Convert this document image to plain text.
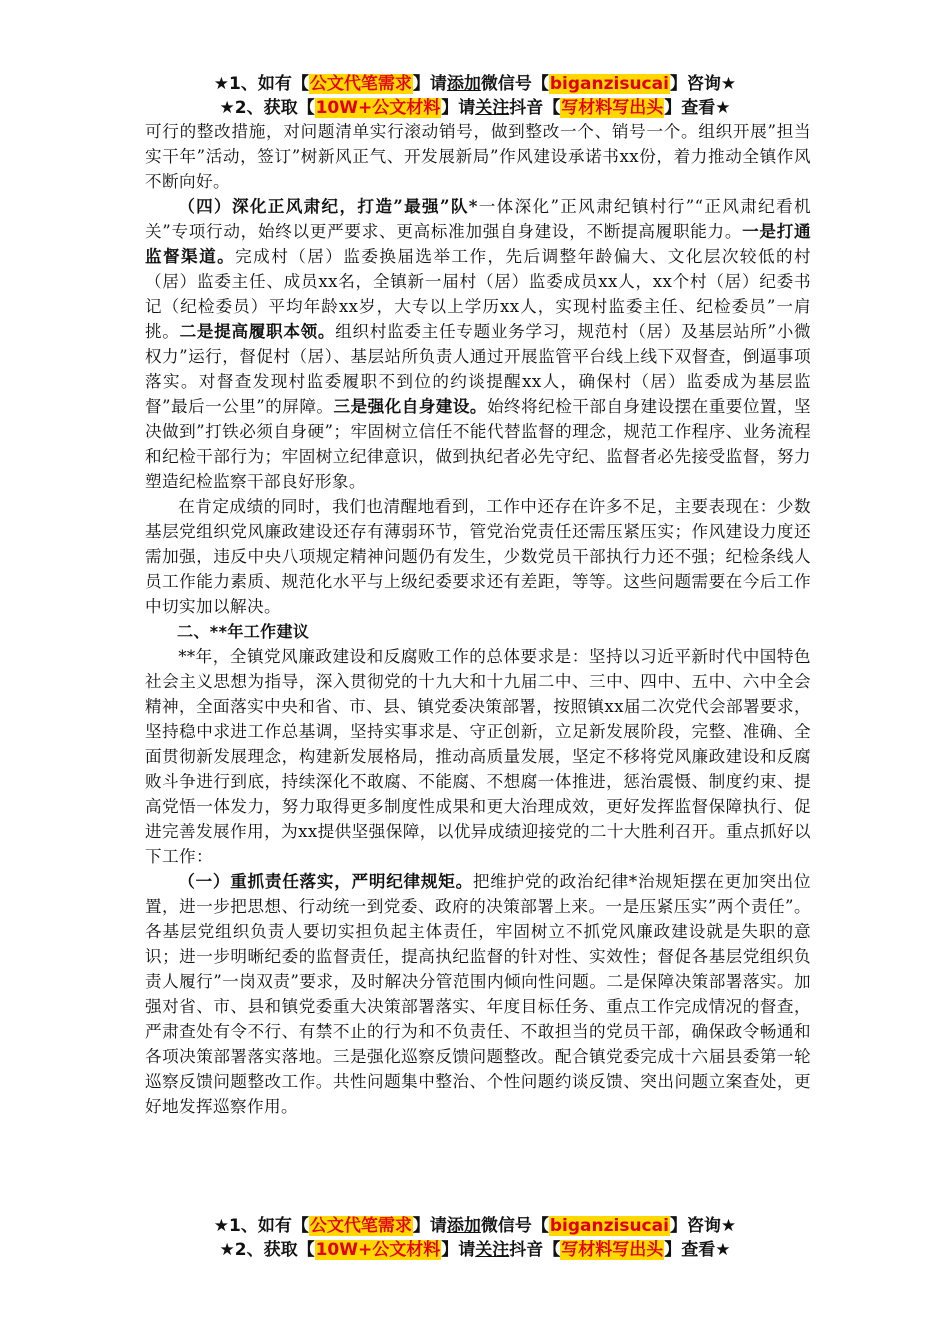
★1、如有【公文代笔需求】请添加微信号【biganzisucai】咨询★
★2、获取【10W+公文材料】请关注抖音【写材料写出头】查看★

可行的整改措施，对问题清单实行滚动销号，做到整改一个、销号一个。组织开展”担当实干年”活动，签订”树新风正气、开发展新局”作风建设承诺书xx份，着力推动全镇作风不断向好。

（四）深化正风肃纪，打造”最强”队*一体深化”正风肃纪镇村行”“正风肃纪看机关”专项行动，始终以更严要求、更高标准加强自身建设，不断提高履职能力。一是打通监督渠道。完成村（居）监委换届选举工作，先后调整年龄偏大、文化层次较低的村（居）监委主任、成员xx名，全镇新一届村（居）监委成员xx人，xx个村（居）纪委书记（纪检委员）平均年龄xx岁，大专以上学历xx人，实现村监委主任、纪检委员”一肩挑。二是提高履职本领。组织村监委主任专题业务学习，规范村（居）及基层站所”小微权力”运行，督促村（居）、基层站所负责人通过开展监管平台线上线下双督查，倒逼事项落实。对督查发现村监委履职不到位的约谈提醒xx人，确保村（居）监委成为基层监督”最后一公里”的屏障。三是强化自身建设。始终将纪检干部自身建设摆在重要位置，坚决做到”打铁必须自身硬”；牢固树立信任不能代替监督的理念，规范工作程序、业务流程和纪检干部行为；牢固树立纪律意识，做到执纪者必先守纪、监督者必先接受监督，努力塑造纪检监察干部良好形象。

在肯定成绩的同时，我们也清醒地看到，工作中还存在许多不足，主要表现在：少数基层党组织党风廉政建设还存有薄弱环节，管党治党责任还需压紧压实；作风建设力度还需加强，违反中央八项规定精神问题仍有发生，少数党员干部执行力还不强；纪检条线人员工作能力素质、规范化水平与上级纪委要求还有差距，等等。这些问题需要在今后工作中切实加以解决。

二、**年工作建议

**年，全镇党风廉政建设和反腐败工作的总体要求是：坚持以习近平新时代中国特色社会主义思想为指导，深入贯彻党的十九大和十九届二中、三中、四中、五中、六中全会精神，全面落实中央和省、市、县、镇党委决策部署，按照镇xx届二次党代会部署要求，坚持稳中求进工作总基调，坚持实事求是、守正创新，立足新发展阶段，完整、准确、全面贯彻新发展理念，构建新发展格局，推动高质量发展，坚定不移将党风廉政建设和反腐败斗争进行到底，持续深化不敢腐、不能腐、不想腐一体推进，惩治震慑、制度约束、提高党悟一体发力，努力取得更多制度性成果和更大治理成效，更好发挥监督保障执行、促进完善发展作用，为xx提供坚强保障，以优异成绩迎接党的二十大胜利召开。重点抓好以下工作：

（一）重抓责任落实，严明纪律规矩。把维护党的政治纪律*治规矩摆在更加突出位置，进一步把思想、行动统一到党委、政府的决策部署上来。一是压紧压实”两个责任”。各基层党组织负责人要切实担负起主体责任，牢固树立不抓党风廉政建设就是失职的意识；进一步明晰纪委的监督责任，提高执纪监督的针对性、实效性；督促各基层党组织负责人履行”一岗双责”要求，及时解决分管范围内倾向性问题。二是保障决策部署落实。加强对省、市、县和镇党委重大决策部署落实、年度目标任务、重点工作完成情况的督查，严肃查处有令不行、有禁不止的行为和不负责任、不敢担当的党员干部，确保政令畅通和各项决策部署落实落地。三是强化巡察反馈问题整改。配合镇党委完成十六届县委第一轮巡察反馈问题整改工作。共性问题集中整治、个性问题约谈反馈、突出问题立案查处，更好地发挥巡察作用。

★1、如有【公文代笔需求】请添加微信号【biganzisucai】咨询★
★2、获取【10W+公文材料】请关注抖音【写材料写出头】查看★
